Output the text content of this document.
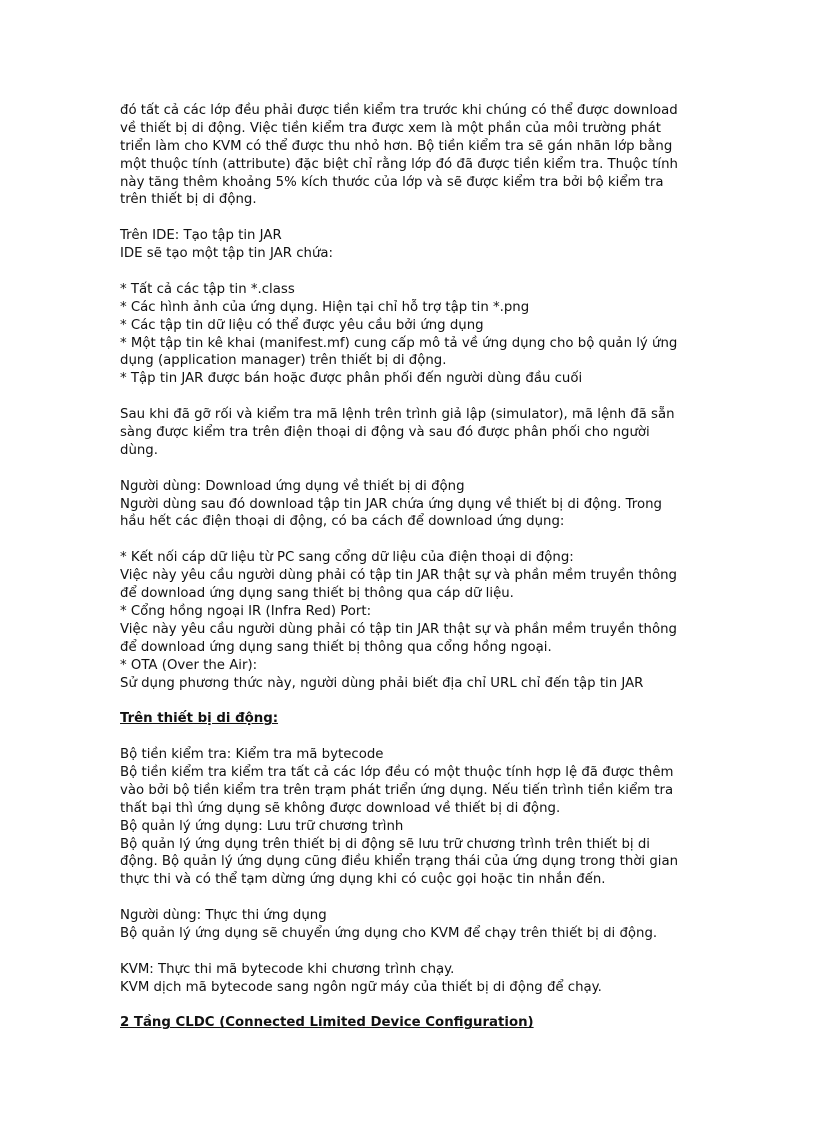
đó tất cả các lớp đều phải được tiền kiểm tra trước khi chúng có thể được download
về thiết bị di động. Việc tiền kiểm tra được xem là một phần của môi trường phát
triển làm cho KVM có thể được thu nhỏ hơn. Bộ tiền kiểm tra sẽ gán nhãn lớp bằng
một thuộc tính (attribute) đặc biệt chỉ rằng lớp đó đã được tiền kiểm tra. Thuộc tính
này tăng thêm khoảng 5% kích thước của lớp và sẽ được kiểm tra bởi bộ kiểm tra
trên thiết bị di động.
Trên IDE: Tạo tập tin JAR
IDE sẽ tạo một tập tin JAR chứa:
* Tất cả các tập tin *.class
* Các hình ảnh của ứng dụng. Hiện tại chỉ hỗ trợ tập tin *.png
* Các tập tin dữ liệu có thể được yêu cầu bởi ứng dụng
* Một tập tin kê khai (manifest.mf) cung cấp mô tả về ứng dụng cho bộ quản lý ứng
dụng (application manager) trên thiết bị di động.
* Tập tin JAR được bán hoặc được phân phối đến người dùng đầu cuối
Sau khi đã gỡ rối và kiểm tra mã lệnh trên trình giả lập (simulator), mã lệnh đã sẵn
sàng được kiểm tra trên điện thoại di động và sau đó được phân phối cho người
dùng.
Người dùng: Download ứng dụng về thiết bị di động
Người dùng sau đó download tập tin JAR chứa ứng dụng về thiết bị di động. Trong
hầu hết các điện thoại di động, có ba cách để download ứng dụng:
* Kết nối cáp dữ liệu từ PC sang cổng dữ liệu của điện thoại di động:
Việc này yêu cầu người dùng phải có tập tin JAR thật sự và phần mềm truyền thông
để download ứng dụng sang thiết bị thông qua cáp dữ liệu.
* Cổng hồng ngoại IR (Infra Red) Port:
Việc này yêu cầu người dùng phải có tập tin JAR thật sự và phần mềm truyền thông
để download ứng dụng sang thiết bị thông qua cổng hồng ngoại.
* OTA (Over the Air):
Sử dụng phương thức này, người dùng phải biết địa chỉ URL chỉ đến tập tin JAR
Trên thiết bị di động:
Bộ tiền kiểm tra: Kiểm tra mã bytecode
Bộ tiền kiểm tra kiểm tra tất cả các lớp đều có một thuộc tính hợp lệ đã được thêm
vào bởi bộ tiền kiểm tra trên trạm phát triển ứng dụng. Nếu tiến trình tiền kiểm tra
thất bại thì ứng dụng sẽ không được download về thiết bị di động.
Bộ quản lý ứng dụng: Lưu trữ chương trình
Bộ quản lý ứng dụng trên thiết bị di động sẽ lưu trữ chương trình trên thiết bị di
động. Bộ quản lý ứng dụng cũng điều khiển trạng thái của ứng dụng trong thời gian
thực thi và có thể tạm dừng ứng dụng khi có cuộc gọi hoặc tin nhắn đến.
Người dùng: Thực thi ứng dụng
Bộ quản lý ứng dụng sẽ chuyển ứng dụng cho KVM để chạy trên thiết bị di động.
KVM: Thực thi mã bytecode khi chương trình chạy.
KVM dịch mã bytecode sang ngôn ngữ máy của thiết bị di động để chạy.
2 Tầng CLDC (Connected Limited Device Configuration)
